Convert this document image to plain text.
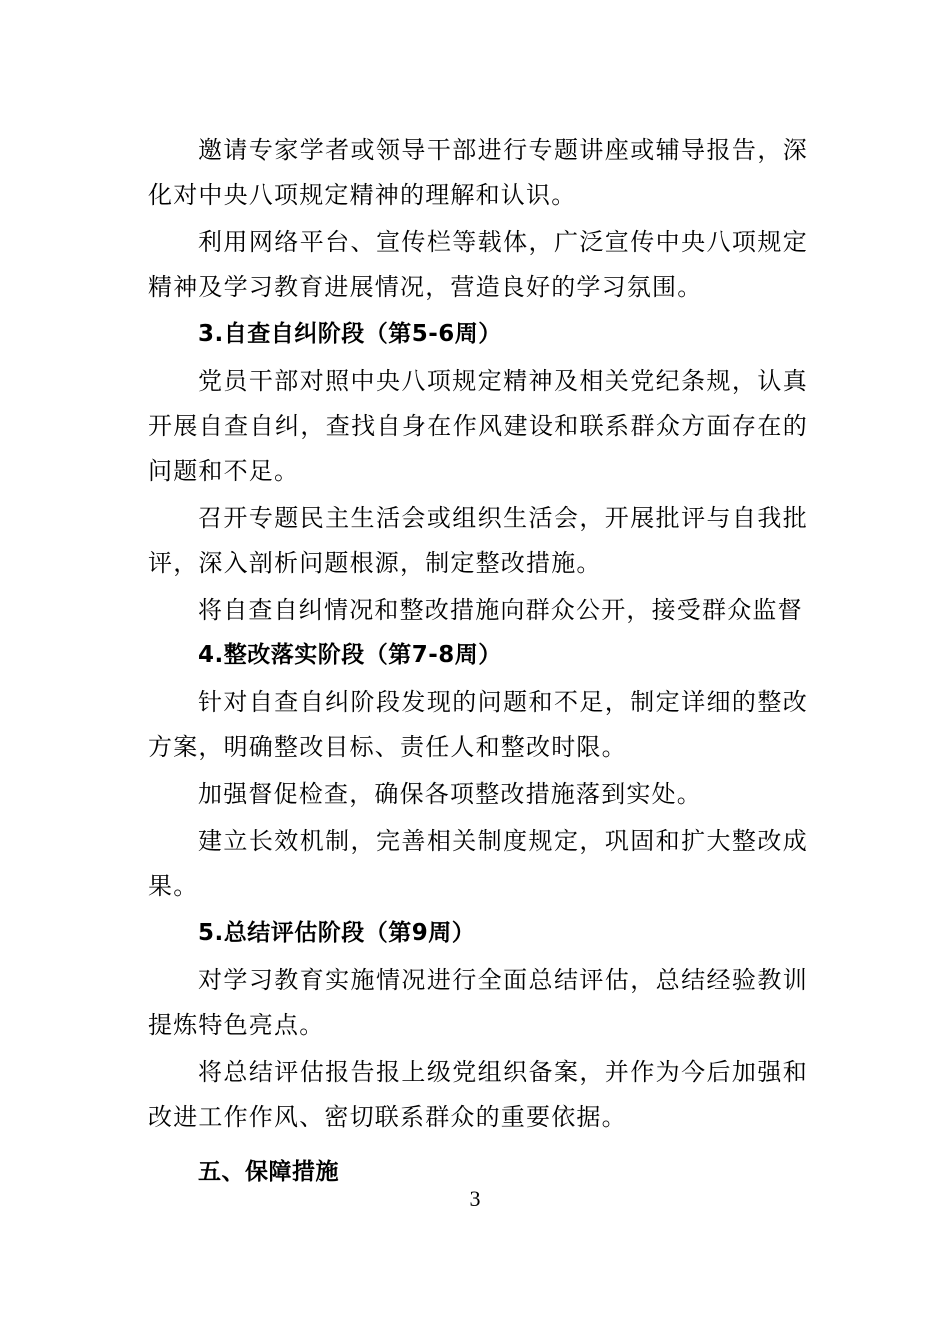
邀请专家学者或领导干部进行专题讲座或辅导报告，深化对中央八项规定精神的理解和认识。

利用网络平台、宣传栏等载体，广泛宣传中央八项规定精神及学习教育进展情况，营造良好的学习氛围。

3.自查自纠阶段（第5-6周）

党员干部对照中央八项规定精神及相关党纪条规，认真开展自查自纠，查找自身在作风建设和联系群众方面存在的问题和不足。

召开专题民主生活会或组织生活会，开展批评与自我批评，深入剖析问题根源，制定整改措施。

将自查自纠情况和整改措施向群众公开，接受群众监督

4.整改落实阶段（第7-8周）

针对自查自纠阶段发现的问题和不足，制定详细的整改方案，明确整改目标、责任人和整改时限。

加强督促检查，确保各项整改措施落到实处。

建立长效机制，完善相关制度规定，巩固和扩大整改成果。

5.总结评估阶段（第9周）

对学习教育实施情况进行全面总结评估，总结经验教训提炼特色亮点。

将总结评估报告报上级党组织备案，并作为今后加强和改进工作作风、密切联系群众的重要依据。

五、保障措施

3
